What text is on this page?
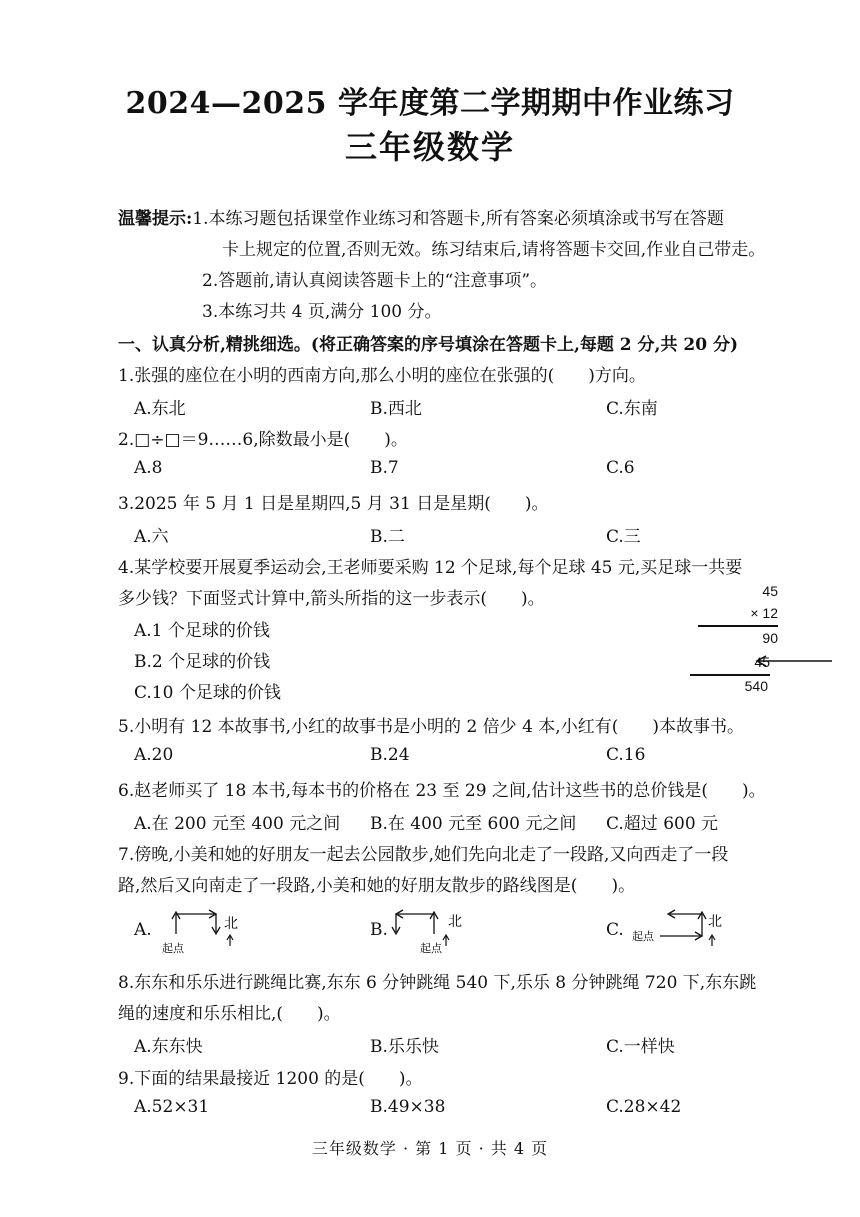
2024—2025 学年度第二学期期中作业练习
三年级数学
温馨提示:1.本练习题包括课堂作业练习和答题卡,所有答案必须填涂或书写在答题
卡上规定的位置,否则无效。练习结束后,请将答题卡交回,作业自己带走。
2.答题前,请认真阅读答题卡上的“注意事项”。
3.本练习共 4 页,满分 100 分。
一、认真分析,精挑细选。(将正确答案的序号填涂在答题卡上,每题 2 分,共 20 分)
1.张强的座位在小明的西南方向,那么小明的座位在张强的(　　)方向。
A.东北	B.西北	C.东南
2.□÷□＝9……6,除数最小是(　　)。
A.8	B.7	C.6
3.2025 年 5 月 1 日是星期四,5 月 31 日是星期(　　)。
A.六	B.二	C.三
4.某学校要开展夏季运动会,王老师要采购 12 个足球,每个足球 45 元,买足球一共要
多少钱？下面竖式计算中,箭头所指的这一步表示(　　)。
A.1 个足球的价钱
B.2 个足球的价钱
C.10 个足球的价钱
45
× 12
90
45
540
5.小明有 12 本故事书,小红的故事书是小明的 2 倍少 4 本,小红有(　　)本故事书。
A.20	B.24	C.16
6.赵老师买了 18 本书,每本书的价格在 23 至 29 之间,估计这些书的总价钱是(　　)。
A.在 200 元至 400 元之间 B.在 400 元至 600 元之间 C.超过 600 元
7.傍晚,小美和她的好朋友一起去公园散步,她们先向北走了一段路,又向西走了一段
路,然后又向南走了一段路,小美和她的好朋友散步的路线图是(　　)。
A.
起点
北	B.
起点
北	C. 起点
北
8.东东和乐乐进行跳绳比赛,东东 6 分钟跳绳 540 下,乐乐 8 分钟跳绳 720 下,东东跳
绳的速度和乐乐相比,(　　)。
A.东东快	B.乐乐快	C.一样快
9.下面的结果最接近 1200 的是(　　)。
A.52×31	B.49×38	C.28×42
三年级数学 · 第 1 页 · 共 4 页
